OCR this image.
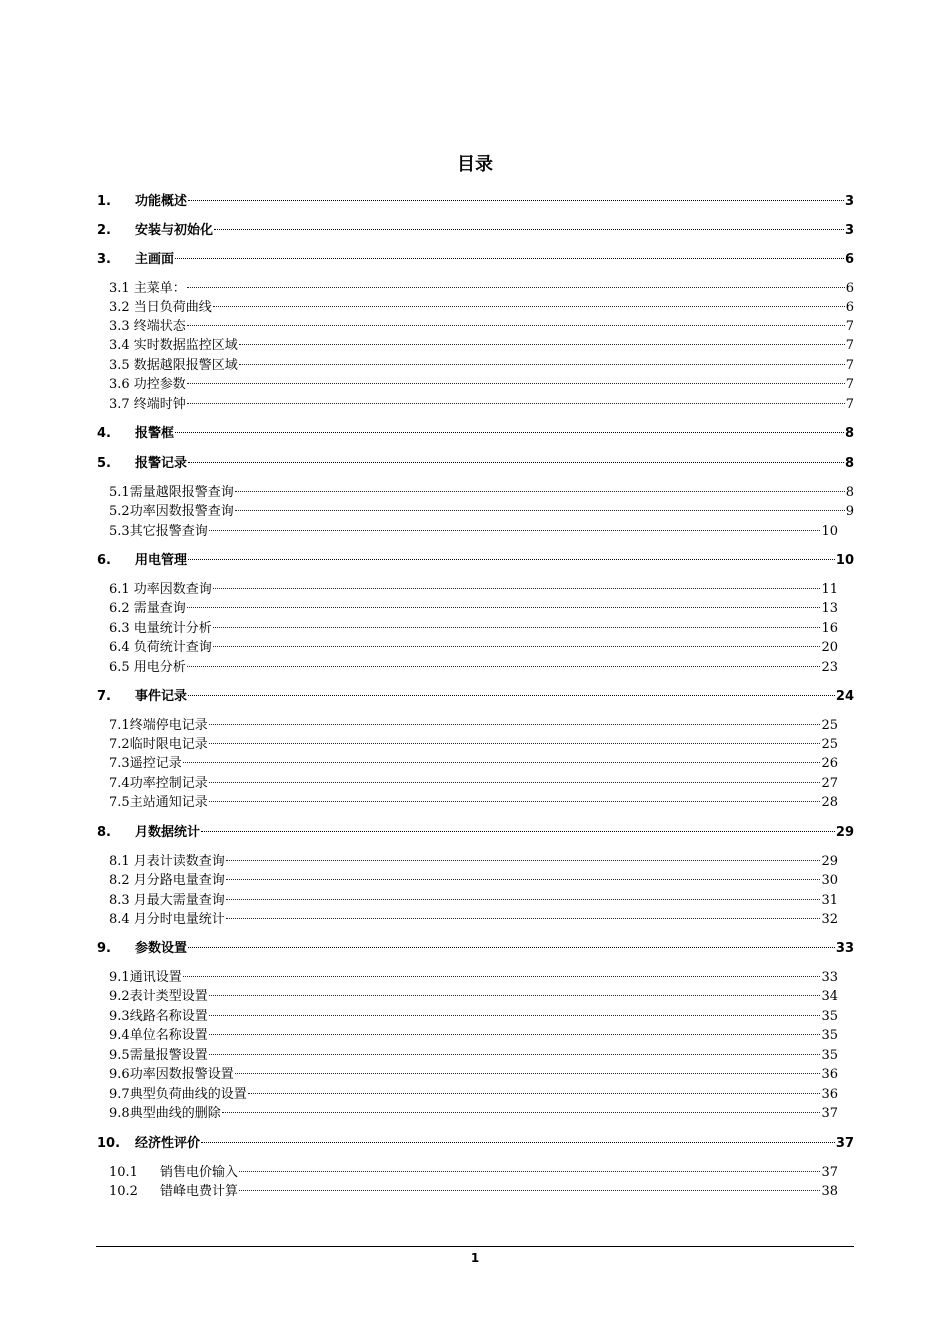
目录
1.	功能概述	3
2.	安装与初始化	3
3.	主画面	6
3.1 主菜单：	6
3.2 当日负荷曲线	6
3.3 终端状态	7
3.4 实时数据监控区域	7
3.5 数据越限报警区域	7
3.6 功控参数	7
3.7 终端时钟	7
4.	报警框	8
5.	报警记录	8
5.1 需量越限报警查询	8
5.2 功率因数报警查询	9
5.3 其它报警查询	10
6.	用电管理	10
6.1 功率因数查询	11
6.2 需量查询	13
6.3 电量统计分析	16
6.4 负荷统计查询	20
6.5 用电分析	23
7.	事件记录	24
7.1 终端停电记录	25
7.2 临时限电记录	25
7.3 遥控记录	26
7.4 功率控制记录	27
7.5 主站通知记录	28
8.	月数据统计	29
8.1 月表计读数查询	29
8.2 月分路电量查询	30
8.3 月最大需量查询	31
8.4 月分时电量统计	32
9.	参数设置	33
9.1 通讯设置	33
9.2 表计类型设置	34
9.3 线路名称设置	35
9.4 单位名称设置	35
9.5 需量报警设置	35
9.6 功率因数报警设置	36
9.7 典型负荷曲线的设置	36
9.8 典型曲线的删除	37
10.	经济性评价	37
10.1	销售电价输入	37
10.2	错峰电费计算	38
1
